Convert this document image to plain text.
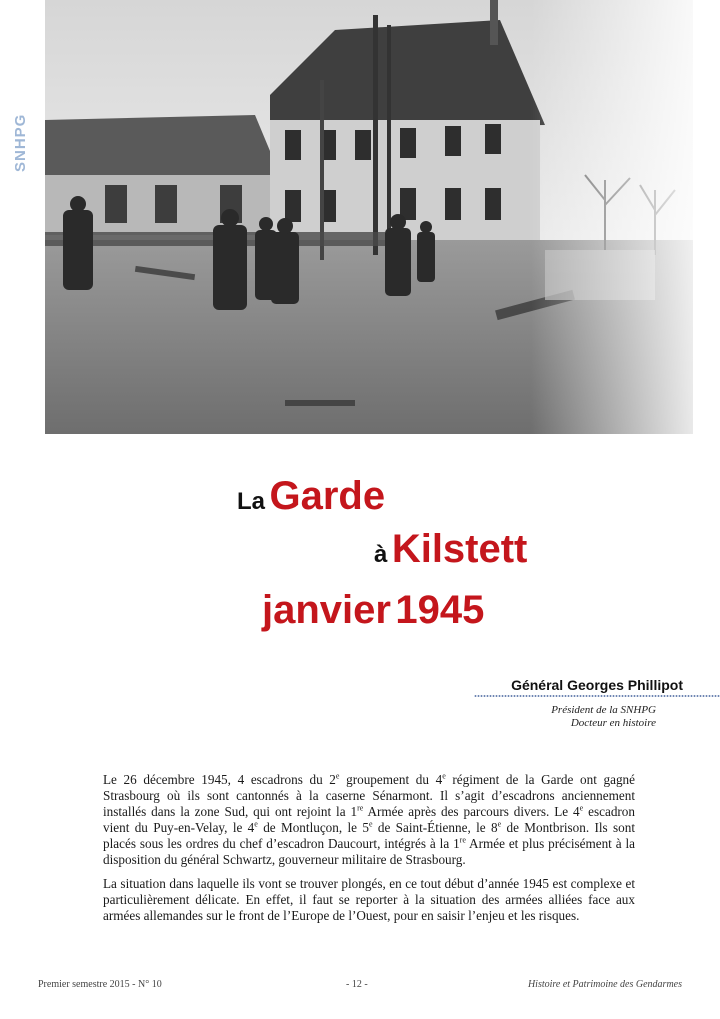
SNHPG
La Garde
à Kilstett
janvier 1945
Général Georges Phillipot
Président de la SNHPG
Docteur en histoire
Le 26 décembre 1945, 4 escadrons du 2e groupement du 4e régiment de la Garde ont gagné Strasbourg où ils sont cantonnés à la caserne Sénarmont. Il s’agit d’escadrons anciennement installés dans la zone Sud, qui ont rejoint la 1re Armée après des parcours divers. Le 4e escadron vient du Puy-en-Velay, le 4e de Montluçon, le 5e de Saint-Étienne, le 8e de Montbrison. Ils sont placés sous les ordres du chef d’escadron Daucourt, intégrés à la 1re Armée et plus précisément à la disposition du général Schwartz, gouverneur militaire de Strasbourg.
La situation dans laquelle ils vont se trouver plongés, en ce tout début d’année 1945 est complexe et particulièrement délicate. En effet, il faut se reporter à la situation des armées alliées face aux armées allemandes sur le front de l’Europe de l’Ouest, pour en saisir l’enjeu et les risques.
Premier semestre 2015 - N° 10	- 12 -	Histoire et Patrimoine des Gendarmes
